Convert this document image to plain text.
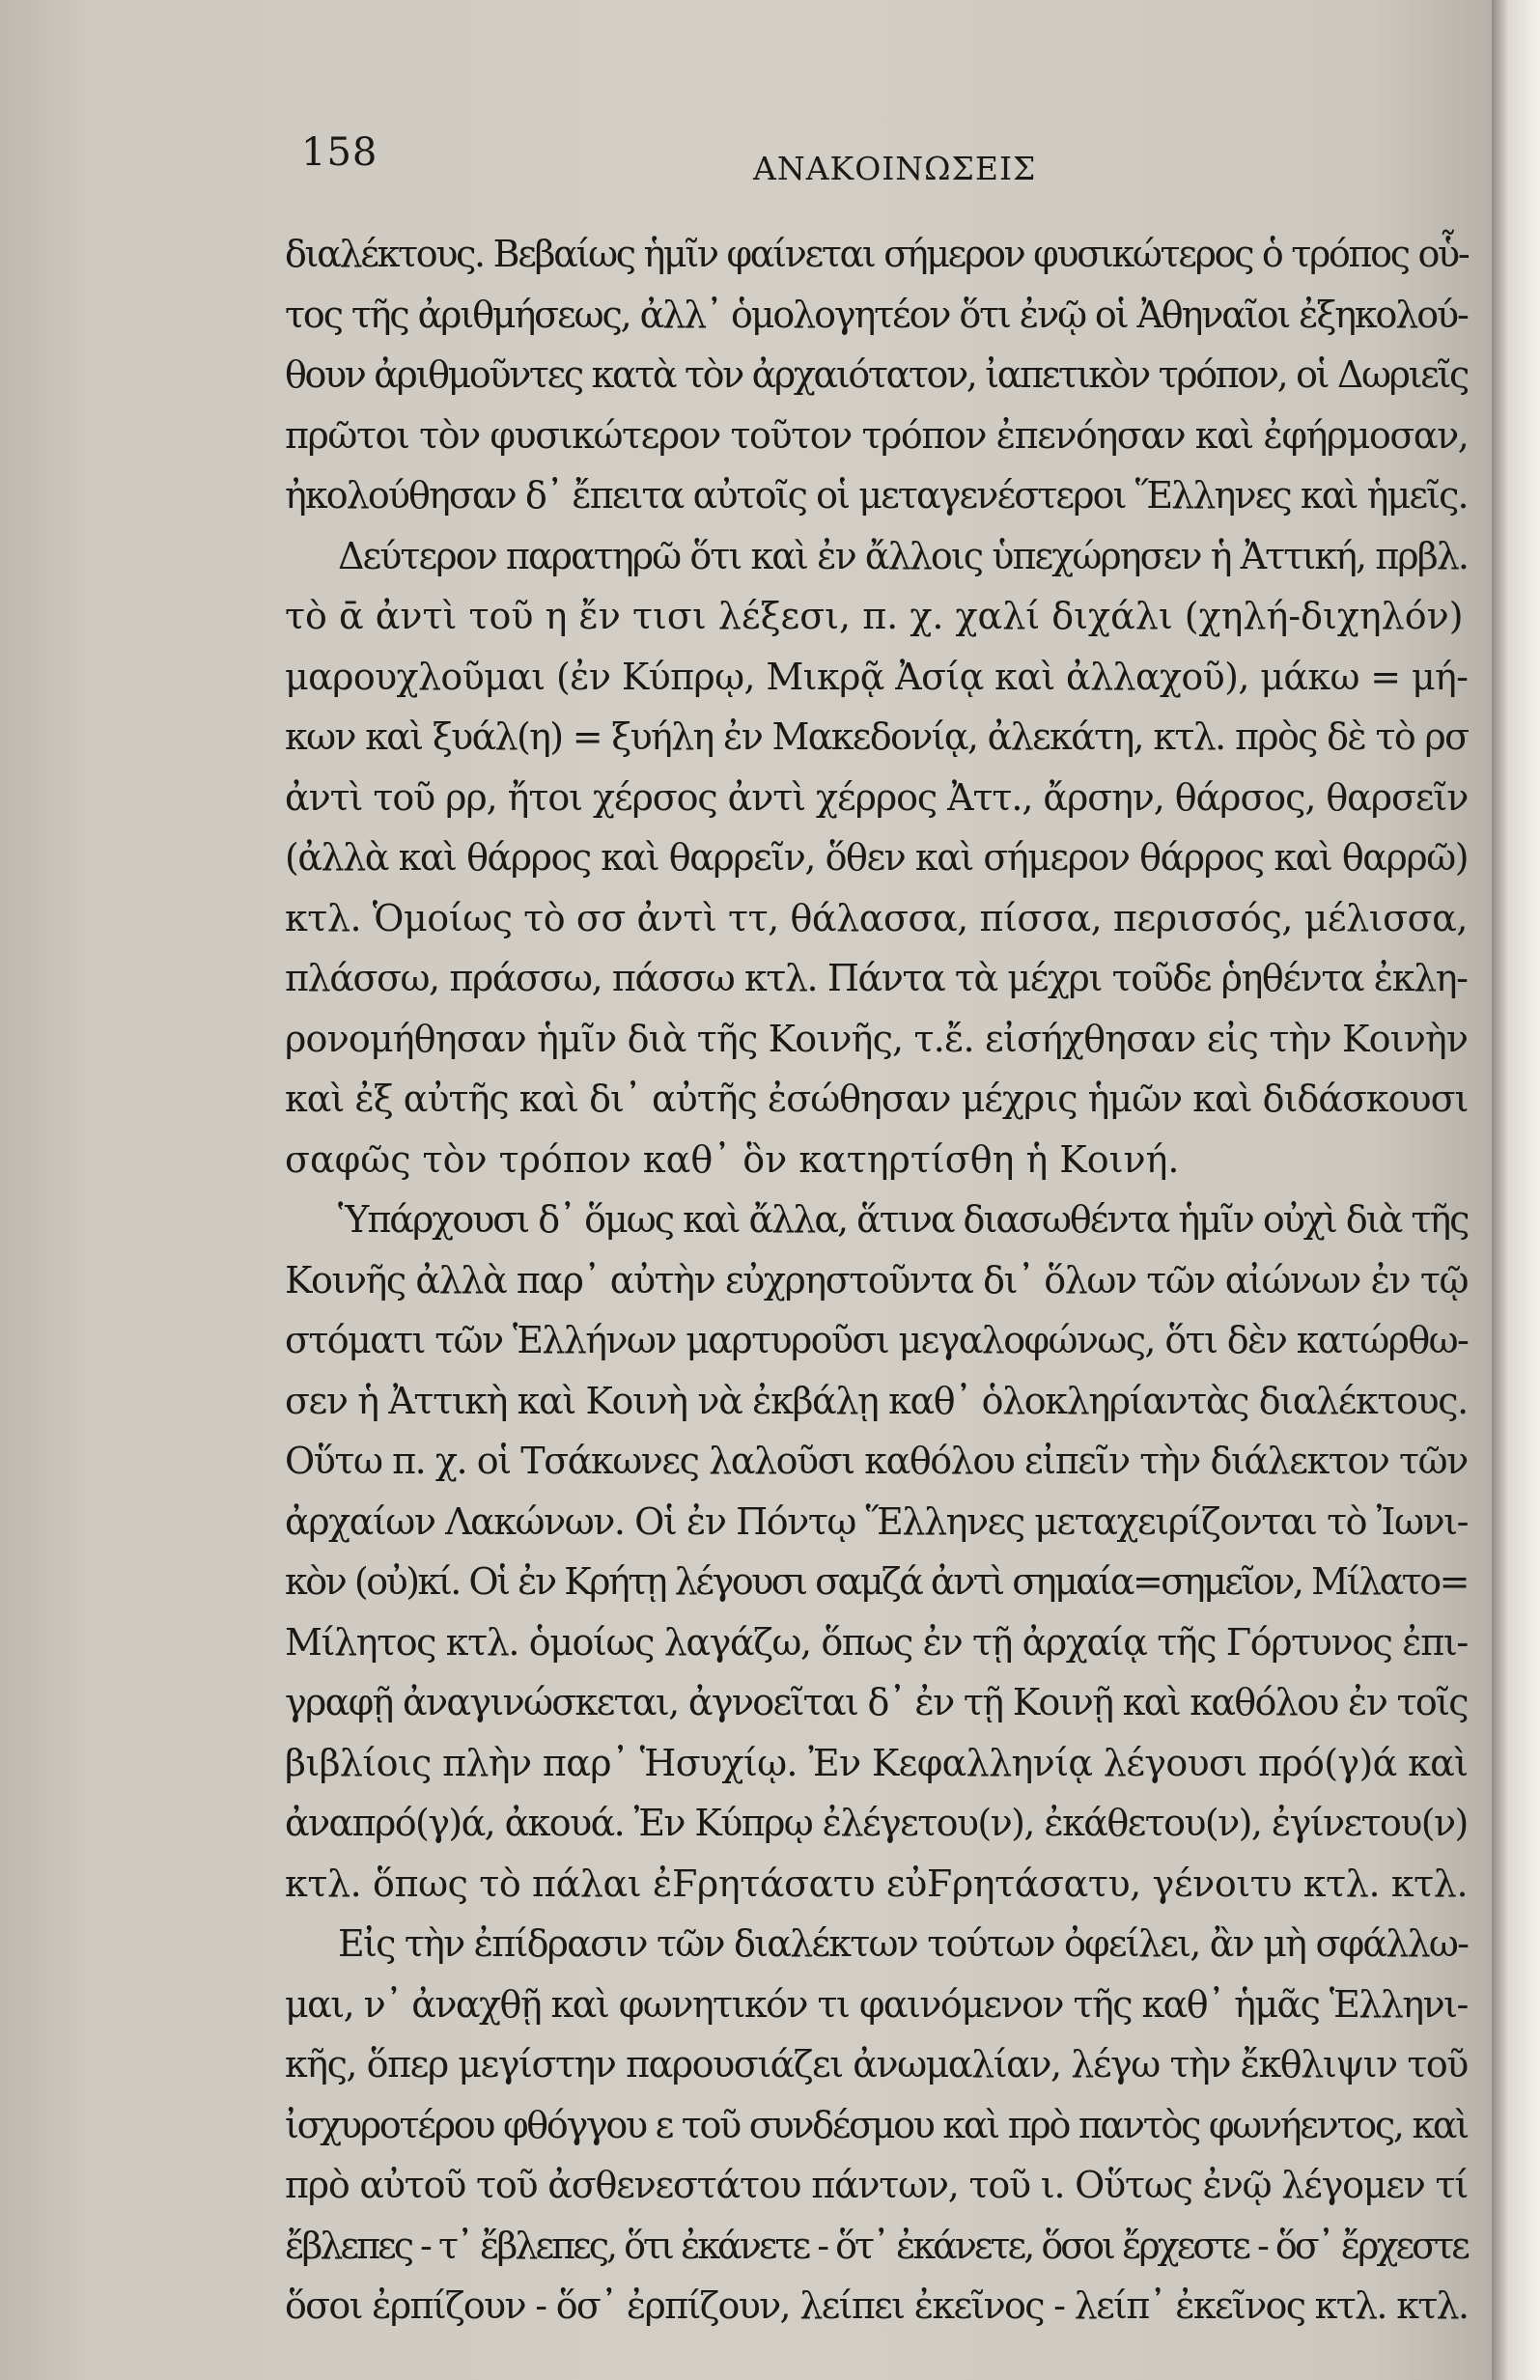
158	ΑΝΑΚΟΙΝΩΣΕΙΣ
διαλέκτους. Βεβαίως ἡμῖν φαίνεται σήμερον φυσικώτερος ὁ τρόπος οὗ-
τος τῆς ἀριθμήσεως, ἀλλ᾽ ὁμολογητέον ὅτι ἐνῷ οἱ Ἀθηναῖοι ἐξηκολού-
θουν ἀριθμοῦντες κατὰ τὸν ἀρχαιότατον, ἰαπετικὸν τρόπον, οἱ Δωριεῖς
πρῶτοι τὸν φυσικώτερον τοῦτον τρόπον ἐπενόησαν καὶ ἐφήρμοσαν,
ἠκολούθησαν δ᾽ ἔπειτα αὐτοῖς οἱ μεταγενέστεροι Ἕλληνες καὶ ἡμεῖς.
Δεύτερον παρατηρῶ ὅτι καὶ ἐν ἄλλοις ὑπεχώρησεν ἡ Ἀττική, πρβλ.
τὸ ᾱ ἀντὶ τοῦ η ἔν τισι λέξεσι, π. χ. χαλί διχάλι (χηλή-διχηλόν)
μαρουχλοῦμαι (ἐν Κύπρῳ, Μικρᾷ Ἀσίᾳ καὶ ἀλλαχοῦ), μάκω = μή-
κων καὶ ξυάλ(η) = ξυήλη ἐν Μακεδονίᾳ, ἀλεκάτη, κτλ. πρὸς δὲ τὸ ρσ
ἀντὶ τοῦ ρρ, ἤτοι χέρσος ἀντὶ χέρρος Ἀττ., ἄρσην, θάρσος, θαρσεῖν
(ἀλλὰ καὶ θάρρος καὶ θαρρεῖν, ὅθεν καὶ σήμερον θάρρος καὶ θαρρῶ)
κτλ. Ὁμοίως τὸ σσ ἀντὶ ττ, θάλασσα, πίσσα, περισσός, μέλισσα,
πλάσσω, πράσσω, πάσσω κτλ. Πάντα τὰ μέχρι τοῦδε ῥηθέντα ἐκλη-
ρονομήθησαν ἡμῖν διὰ τῆς Κοινῆς, τ.ἔ. εἰσήχθησαν εἰς τὴν Κοινὴν
καὶ ἐξ αὐτῆς καὶ δι᾽ αὐτῆς ἐσώθησαν μέχρις ἡμῶν καὶ διδάσκουσι
σαφῶς τὸν τρόπον καθ᾽ ὃν κατηρτίσθη ἡ Κοινή.
Ὑπάρχουσι δ᾽ ὅμως καὶ ἄλλα, ἅτινα διασωθέντα ἡμῖν οὐχὶ διὰ τῆς
Κοινῆς ἀλλὰ παρ᾽ αὐτὴν εὐχρηστοῦντα δι᾽ ὅλων τῶν αἰώνων ἐν τῷ
στόματι τῶν Ἑλλήνων μαρτυροῦσι μεγαλοφώνως, ὅτι δὲν κατώρθω-
σεν ἡ Ἀττικὴ καὶ Κοινὴ νὰ ἐκβάλῃ καθ᾽ ὁλοκληρίαντὰς διαλέκτους.
Οὕτω π. χ. οἱ Τσάκωνες λαλοῦσι καθόλου εἰπεῖν τὴν διάλεκτον τῶν
ἀρχαίων Λακώνων. Οἱ ἐν Πόντῳ Ἕλληνες μεταχειρίζονται τὸ Ἰωνι-
κὸν (οὐ)κί. Οἱ ἐν Κρήτῃ λέγουσι σαμζά ἀντὶ σημαία=σημεῖον, Μίλατο=
Μίλητος κτλ. ὁμοίως λαγάζω, ὅπως ἐν τῇ ἀρχαίᾳ τῆς Γόρτυνος ἐπι-
γραφῇ ἀναγινώσκεται, ἀγνοεῖται δ᾽ ἐν τῇ Κοινῇ καὶ καθόλου ἐν τοῖς
βιβλίοις πλὴν παρ᾽ Ἡσυχίῳ. Ἐν Κεφαλληνίᾳ λέγουσι πρό(γ)ά καὶ
ἀναπρό(γ)ά, ἀκουά. Ἐν Κύπρῳ ἐλέγετου(ν), ἐκάθετου(ν), ἐγίνετου(ν)
κτλ. ὅπως τὸ πάλαι ἐϜρητάσατυ εὐϜρητάσατυ, γένοιτυ κτλ. κτλ.
Εἰς τὴν ἐπίδρασιν τῶν διαλέκτων τούτων ὀφείλει, ἂν μὴ σφάλλω-
μαι, ν᾽ ἀναχθῇ καὶ φωνητικόν τι φαινόμενον τῆς καθ᾽ ἡμᾶς Ἑλληνι-
κῆς, ὅπερ μεγίστην παρουσιάζει ἀνωμαλίαν, λέγω τὴν ἔκθλιψιν τοῦ
ἰσχυροτέρου φθόγγου ε τοῦ συνδέσμου καὶ πρὸ παντὸς φωνήεντος, καὶ
πρὸ αὐτοῦ τοῦ ἀσθενεστάτου πάντων, τοῦ ι. Οὕτως ἐνῷ λέγομεν τί
ἔβλεπες - τ᾽ ἔβλεπες, ὅτι ἐκάνετε - ὅτ᾽ ἐκάνετε, ὅσοι ἔρχεστε - ὅσ᾽ ἔρχεστε
ὅσοι ἐρπίζουν - ὅσ᾽ ἐρπίζουν, λείπει ἐκεῖνος - λείπ᾽ ἐκεῖνος κτλ. κτλ.
